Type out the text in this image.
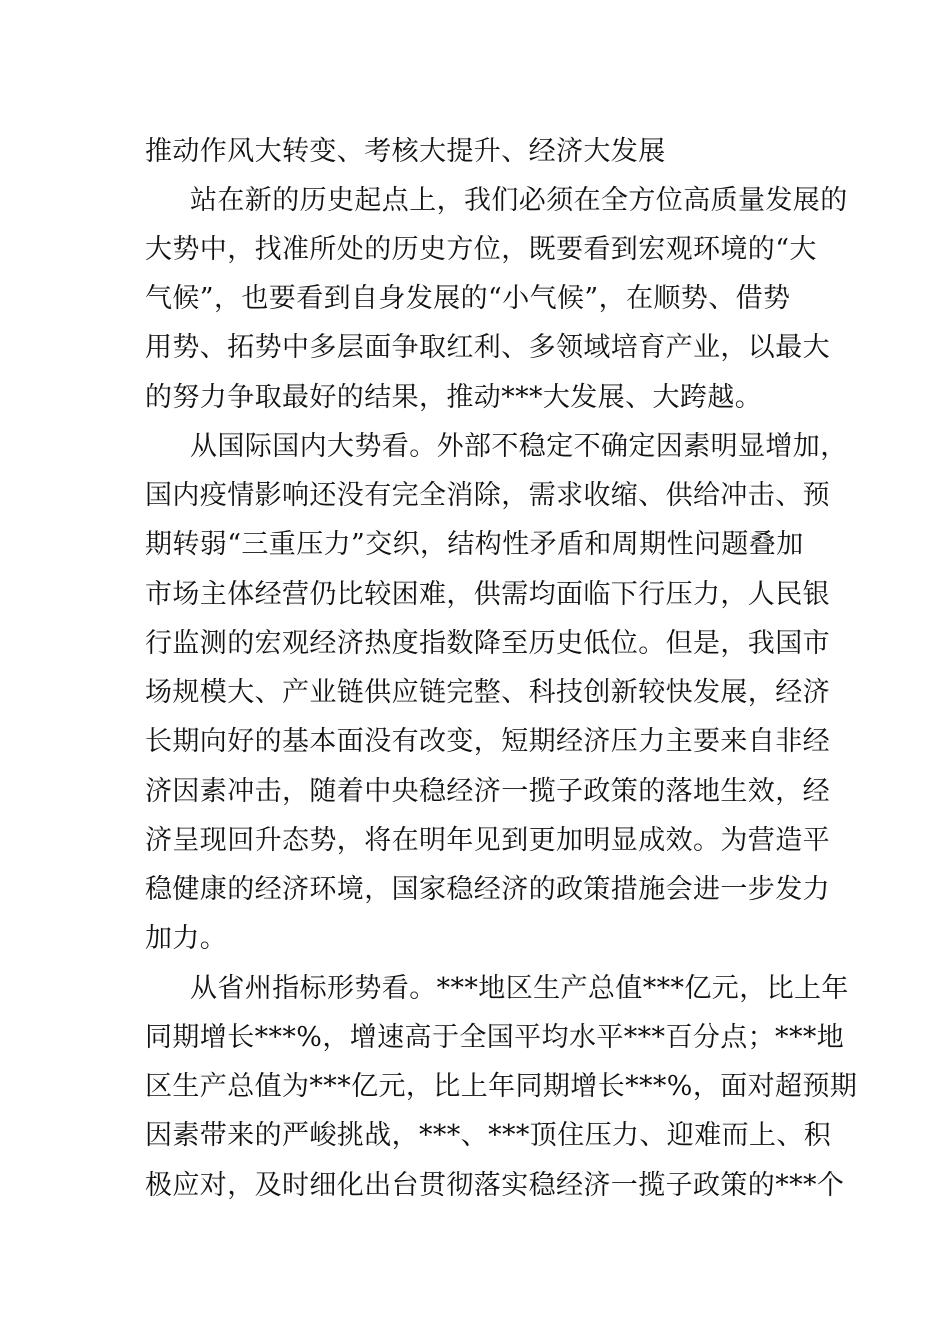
推动作风大转变、考核大提升、经济大发展

站在新的历史起点上，我们必须在全方位高质量发展的

大势中，找准所处的历史方位，既要看到宏观环境的“大

气候”，也要看到自身发展的“小气候”，在顺势、借势

用势、拓势中多层面争取红利、多领域培育产业，以最大

的努力争取最好的结果，推动***大发展、大跨越。

从国际国内大势看。外部不稳定不确定因素明显增加，

国内疫情影响还没有完全消除，需求收缩、供给冲击、预

期转弱“三重压力”交织，结构性矛盾和周期性问题叠加

市场主体经营仍比较困难，供需均面临下行压力，人民银

行监测的宏观经济热度指数降至历史低位。但是，我国市

场规模大、产业链供应链完整、科技创新较快发展，经济

长期向好的基本面没有改变，短期经济压力主要来自非经

济因素冲击，随着中央稳经济一揽子政策的落地生效，经

济呈现回升态势，将在明年见到更加明显成效。为营造平

稳健康的经济环境，国家稳经济的政策措施会进一步发力

加力。

从省州指标形势看。***地区生产总值***亿元，比上年

同期增长***%，增速高于全国平均水平***百分点；***地

区生产总值为***亿元，比上年同期增长***%，面对超预期

因素带来的严峻挑战，***、***顶住压力、迎难而上、积

极应对，及时细化出台贯彻落实稳经济一揽子政策的***个
